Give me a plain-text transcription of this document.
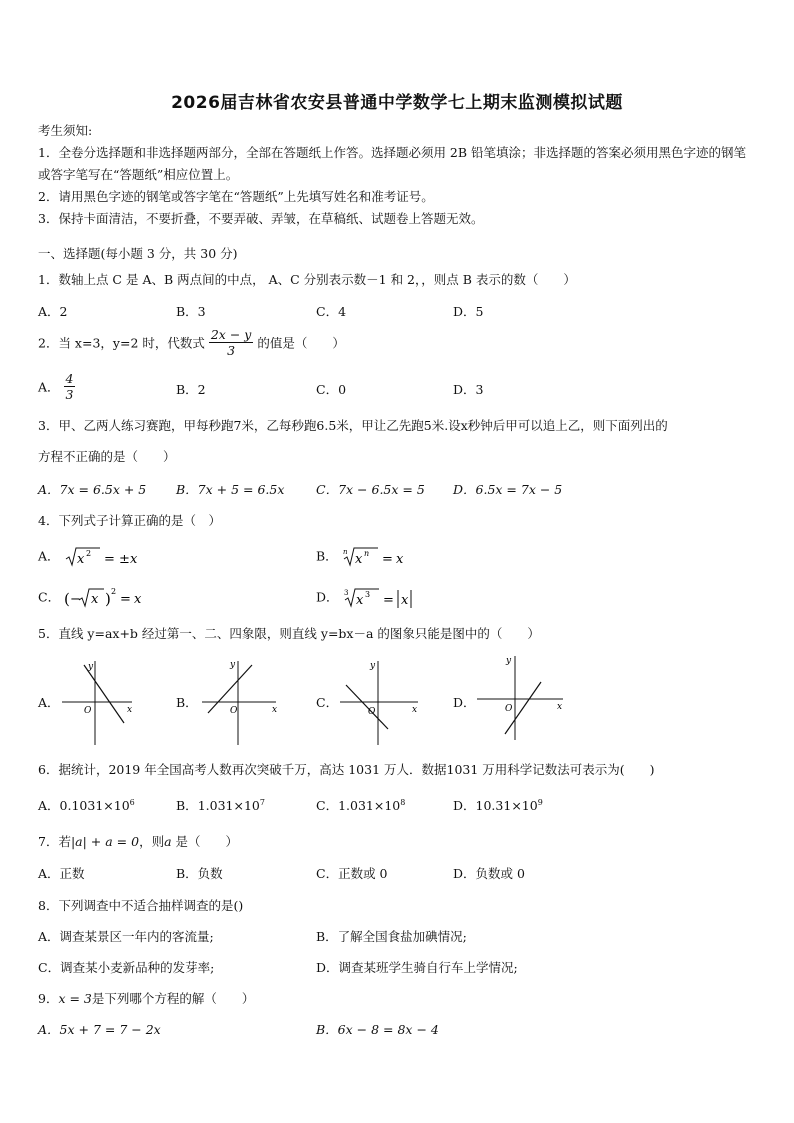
2026届吉林省农安县普通中学数学七上期末监测模拟试题
考生须知:
1．全卷分选择题和非选择题两部分，全部在答题纸上作答。选择题必须用 2B 铅笔填涂；非选择题的答案必须用黑色字迹的钢笔或答字笔写在“答题纸”相应位置上。
2．请用黑色字迹的钢笔或答字笔在“答题纸”上先填写姓名和准考证号。
3．保持卡面清洁，不要折叠，不要弄破、弄皱，在草稿纸、试题卷上答题无效。
一、选择题(每小题 3 分，共 30 分)
1．数轴上点 C 是 A、B 两点间的中点， A、C 分别表示数－1 和 2，，则点 B 表示的数（　　）
A．2	B．3	C．4	D．5
2．当 x=3，y=2 时，代数式 $\frac{2x - y}{3}$ 的值是（　　）
A． $\frac{4}{3}$	B．2	C．0	D．3
3．甲、乙两人练习赛跑，甲每秒跑7米，乙每秒跑6.5米，甲让乙先跑5米.设x秒钟后甲可以追上乙，则下面列出的
方程不正确的是（　　）
A．7x = 6.5x + 5 B．7x + 5 = 6.5x	C．7x − 6.5x = 5 D．6.5x = 7x − 5
4．下列式子计算正确的是（　）
A． x 2 = ± x	B． n x n = x
C． ( − x ) 2
= x	D． 3 x 3 = x
5．直线 y=ax+b 经过第一、二、四象限，则直线 y=bx－a 的图象只能是图中的（　　）
A．
y
x
O
B．
y
x
O
C．
y
x
O
D．
y
x
O
6．据统计，2019 年全国高考人数再次突破千万，高达 1031 万人．数据1031 万用科学记数法可表示为(　　)
A．$0.1031\times 10^6$	B．$1.031\times 10^7$	C．$1.031\times 10^8$	D．$10.31\times 10^9$
7．若|a| + a = 0，则a 是（　　）
A．正数	B．负数	C．正数或 0	D．负数或 0
8．下列调查中不适合抽样调查的是()
A．调查某景区一年内的客流量;	B．了解全国食盐加碘情况;
C．调查某小麦新品种的发芽率;	D．调查某班学生骑自行车上学情况;
9．x = 3是下列哪个方程的解（　　）
A．5x + 7 = 7 − 2x	B．6x − 8 = 8x − 4
